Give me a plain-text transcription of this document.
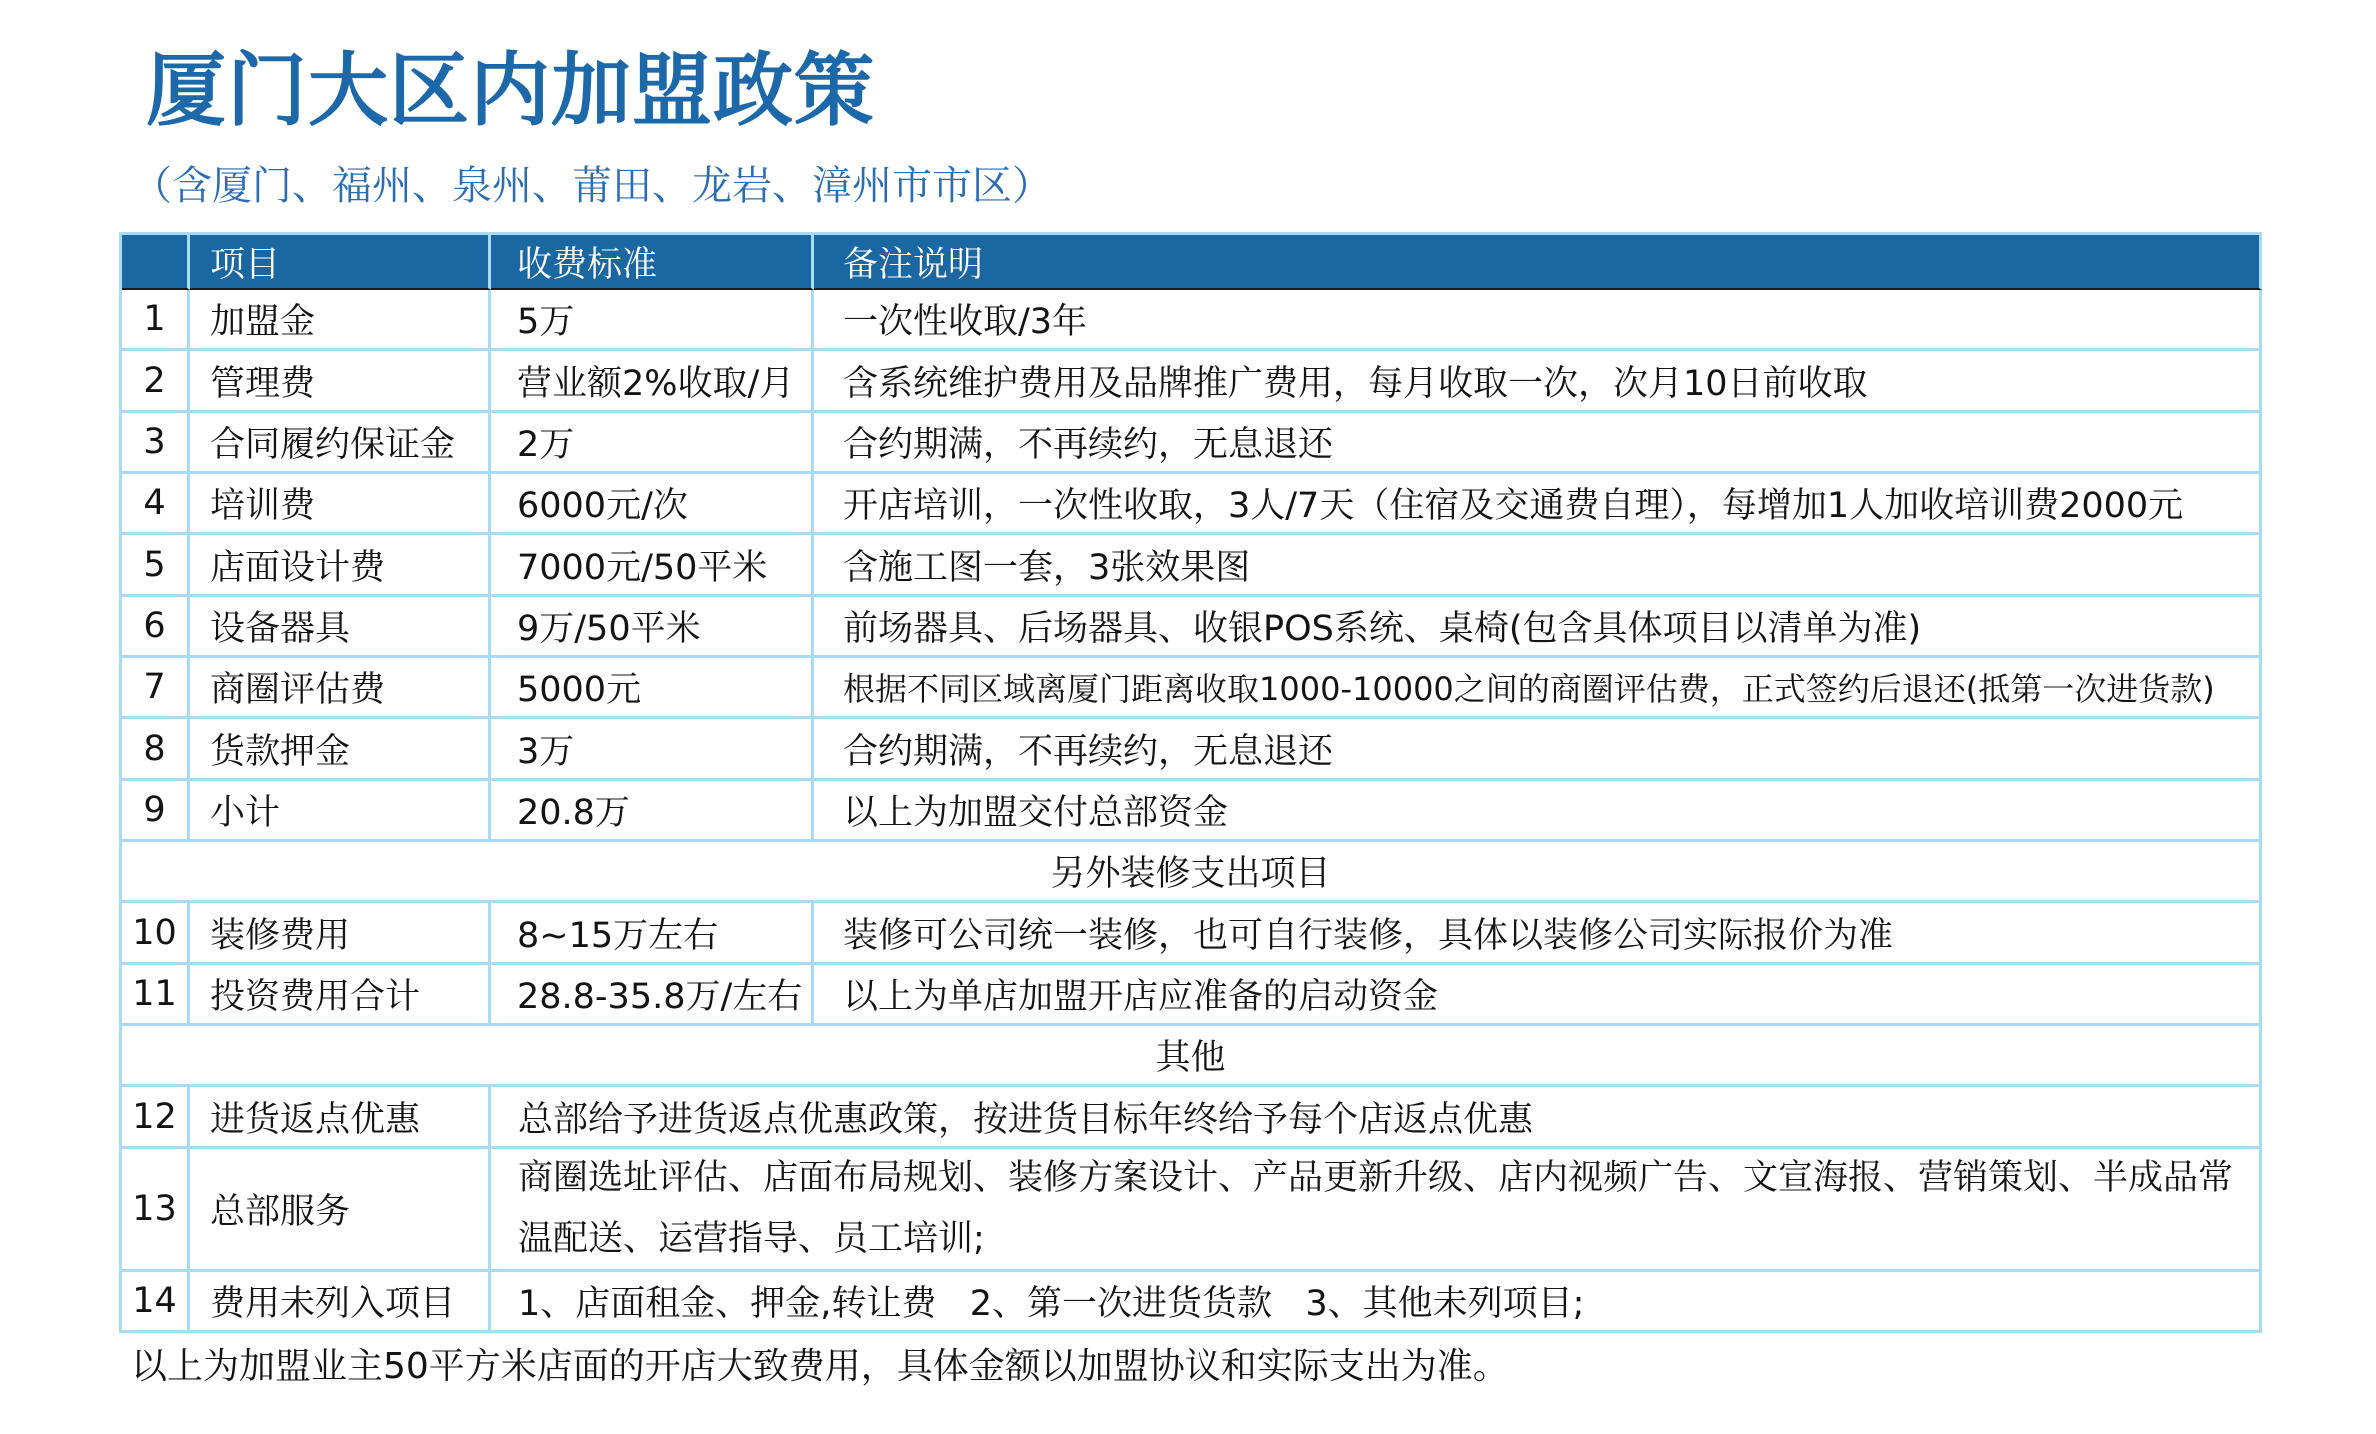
厦门大区内加盟政策
（含厦门、福州、泉州、莆田、龙岩、漳州市市区）
项目	收费标准	备注说明
1	加盟金	5万	一次性收取/3年
2	管理费	营业额2%收取/月	含系统维护费用及品牌推广费用，每月收取一次，次月10日前收取
3	合同履约保证金	2万	合约期满，不再续约，无息退还
4	培训费	6000元/次	开店培训，一次性收取，3人/7天（住宿及交通费自理），每增加1人加收培训费2000元
5	店面设计费	7000元/50平米	含施工图一套，3张效果图
6	设备器具	9万/50平米	前场器具、后场器具、收银POS系统、桌椅(包含具体项目以清单为准)
7	商圈评估费	5000元	根据不同区域离厦门距离收取1000-10000之间的商圈评估费，正式签约后退还(抵第一次进货款)
8	货款押金	3万	合约期满，不再续约，无息退还
9	小计	20.8万	以上为加盟交付总部资金
另外装修支出项目
10 装修费用	8~15万左右	装修可公司统一装修，也可自行装修，具体以装修公司实际报价为准
11 投资费用合计	28.8-35.8万/左右	以上为单店加盟开店应准备的启动资金
其他
12 进货返点优惠	总部给予进货返点优惠政策，按进货目标年终给予每个店返点优惠
13 总部服务
商圈选址评估、店面布局规划、装修方案设计、产品更新升级、店内视频广告、文宣海报、营销策划、半成品常
温配送、运营指导、员工培训;
14 费用未列入项目	1、店面租金、押金,转让费   2、第一次进货货款   3、其他未列项目;
以上为加盟业主50平方米店面的开店大致费用，具体金额以加盟协议和实际支出为准。
